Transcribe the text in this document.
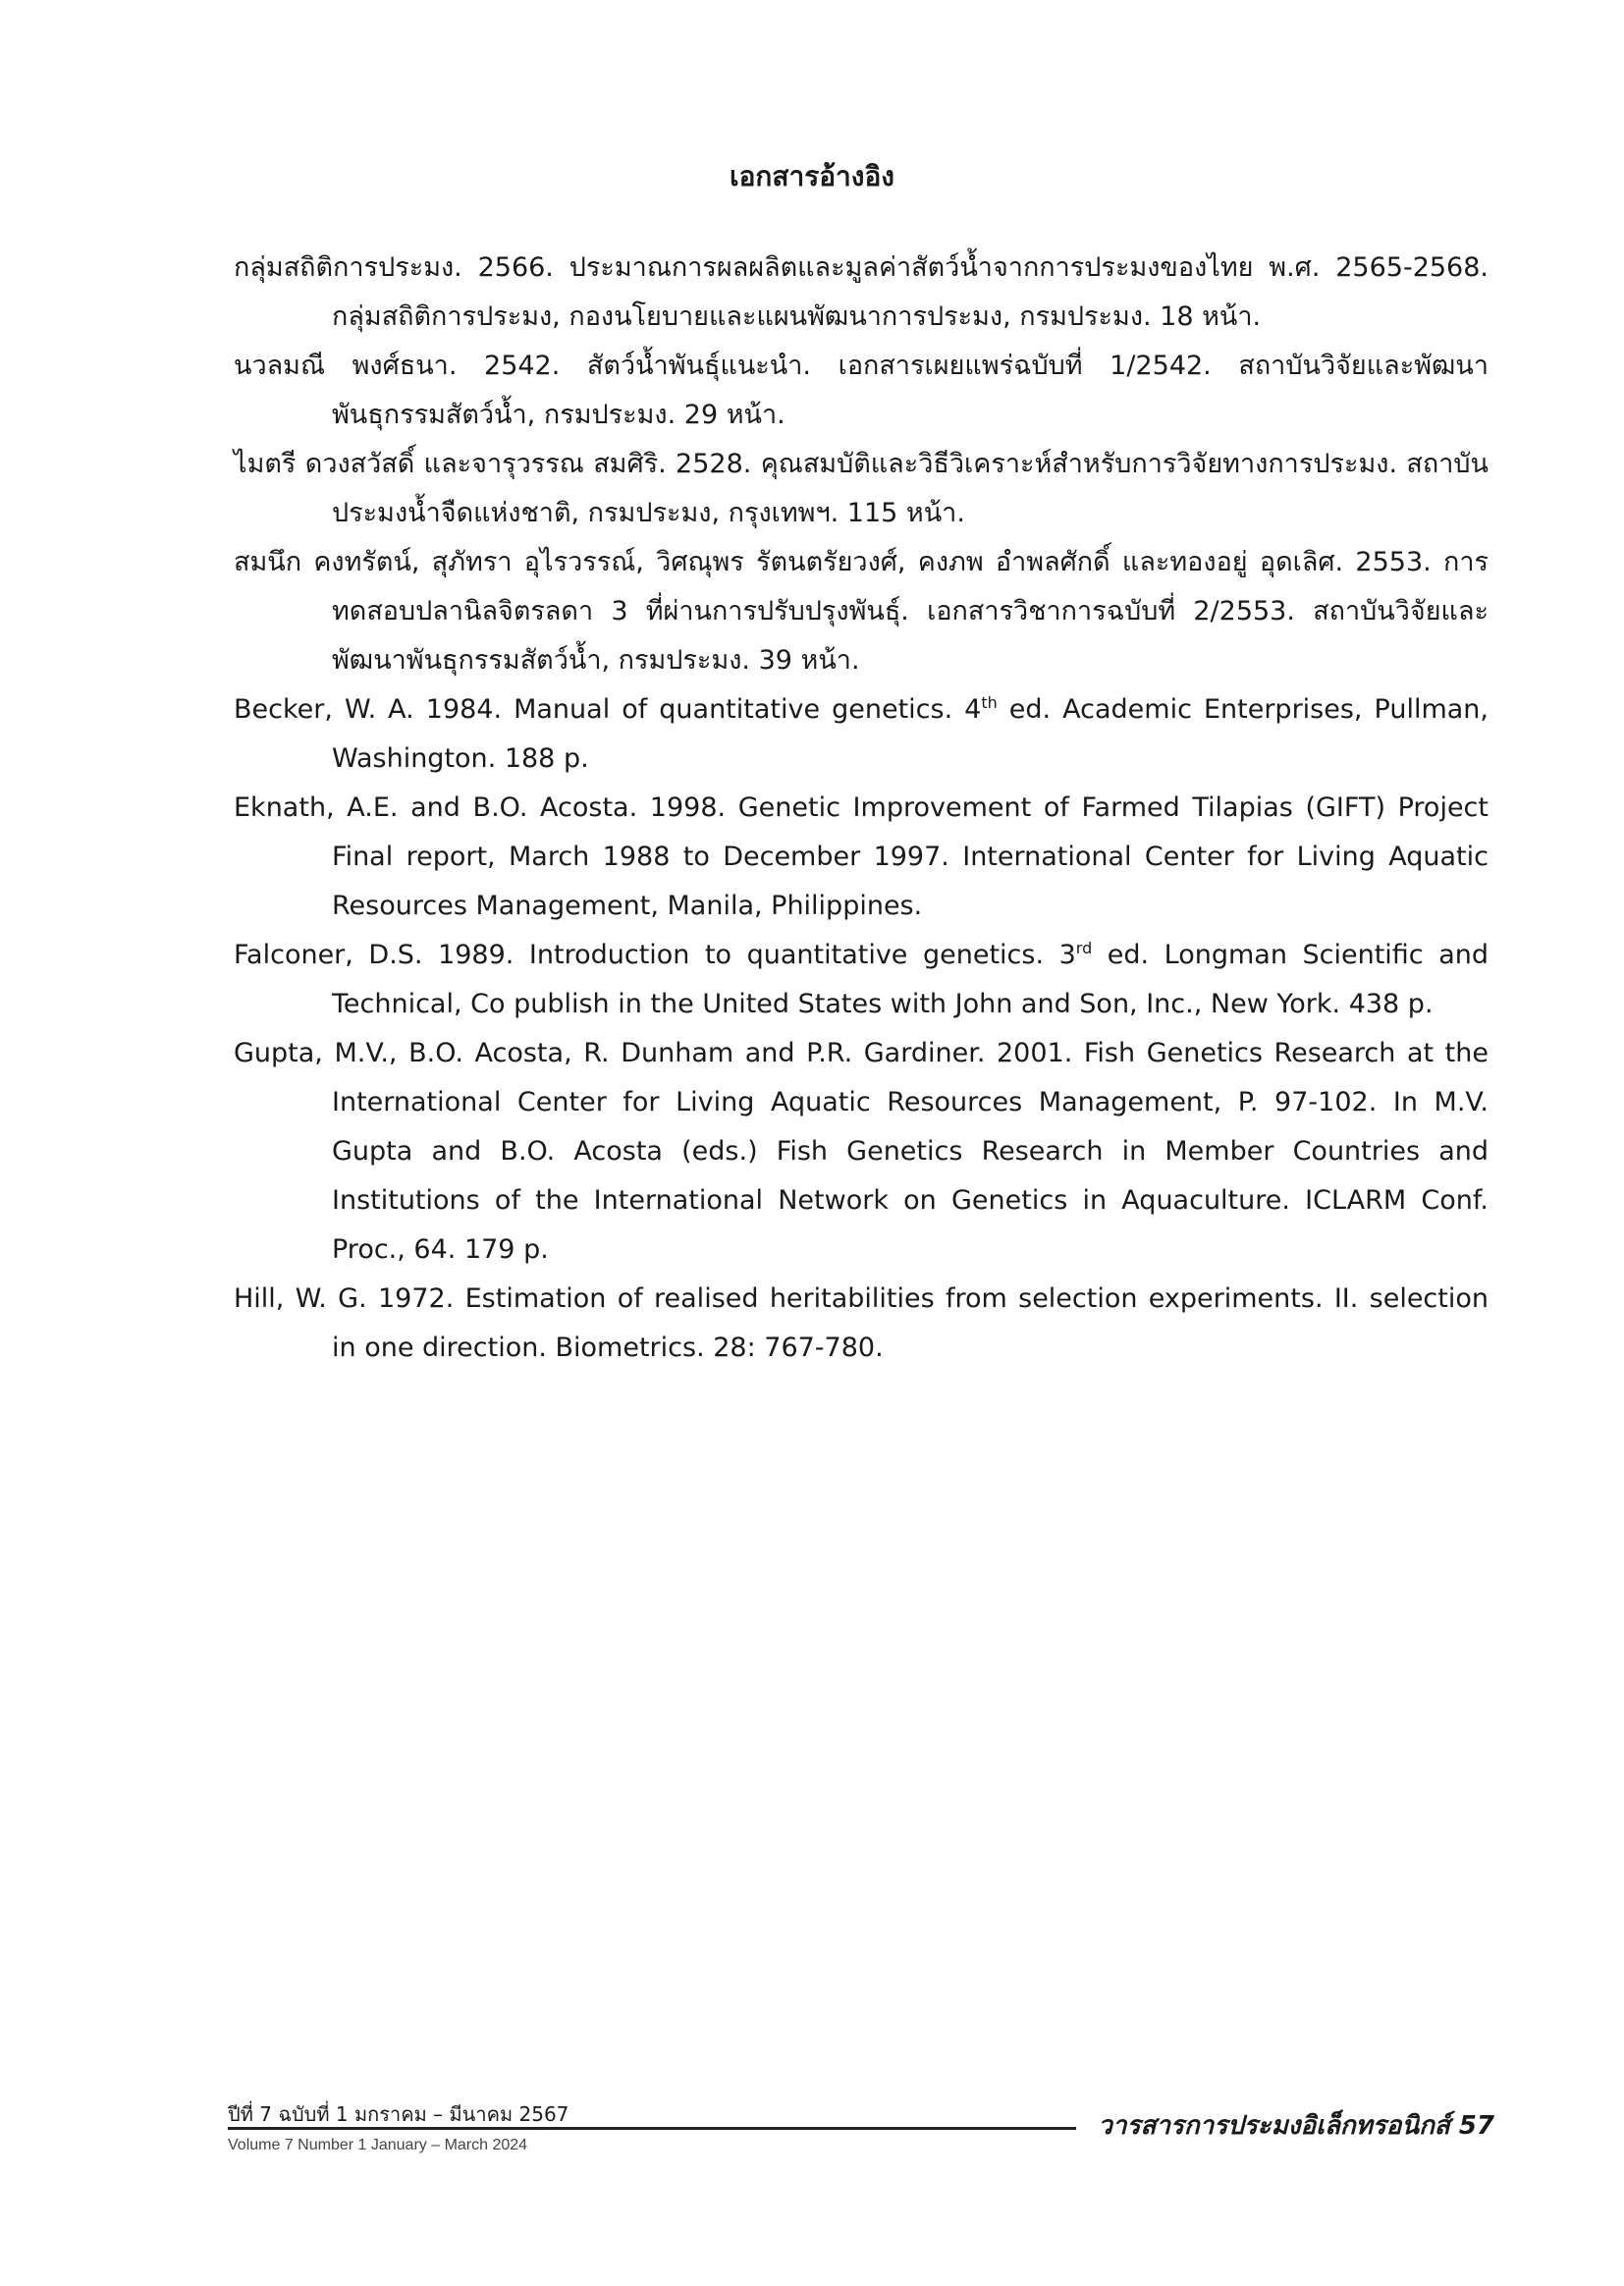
เอกสารอ้างอิง

กลุ่มสถิติการประมง. 2566. ประมาณการผลผลิตและมูลค่าสัตว์น้ำจากการประมงของไทย พ.ศ. 2565-2568. กลุ่มสถิติการประมง, กองนโยบายและแผนพัฒนาการประมง, กรมประมง. 18 หน้า.

นวลมณี พงศ์ธนา. 2542. สัตว์น้ำพันธุ์แนะนำ. เอกสารเผยแพร่ฉบับที่ 1/2542. สถาบันวิจัยและพัฒนาพันธุกรรมสัตว์น้ำ, กรมประมง. 29 หน้า.

ไมตรี ดวงสวัสดิ์ และจารุวรรณ สมศิริ. 2528. คุณสมบัติและวิธีวิเคราะห์สำหรับการวิจัยทางการประมง. สถาบันประมงน้ำจืดแห่งชาติ, กรมประมง, กรุงเทพฯ. 115 หน้า.

สมนึก คงทรัตน์, สุภัทรา อุไรวรรณ์, วิศณุพร รัตนตรัยวงศ์, คงภพ อำพลศักดิ์ และทองอยู่ อุดเลิศ. 2553. การทดสอบปลานิลจิตรลดา 3 ที่ผ่านการปรับปรุงพันธุ์. เอกสารวิชาการฉบับที่ 2/2553. สถาบันวิจัยและพัฒนาพันธุกรรมสัตว์น้ำ, กรมประมง. 39 หน้า.

Becker, W. A. 1984. Manual of quantitative genetics. 4th ed. Academic Enterprises, Pullman, Washington. 188 p.

Eknath, A.E. and B.O. Acosta. 1998. Genetic Improvement of Farmed Tilapias (GIFT) Project Final report, March 1988 to December 1997. International Center for Living Aquatic Resources Management, Manila, Philippines.

Falconer, D.S. 1989. Introduction to quantitative genetics. 3rd ed. Longman Scientific and Technical, Co publish in the United States with John and Son, Inc., New York. 438 p.

Gupta, M.V., B.O. Acosta, R. Dunham and P.R. Gardiner. 2001. Fish Genetics Research at the International Center for Living Aquatic Resources Management, P. 97-102. In M.V. Gupta and B.O. Acosta (eds.) Fish Genetics Research in Member Countries and Institutions of the International Network on Genetics in Aquaculture. ICLARM Conf. Proc., 64. 179 p.

Hill, W. G. 1972. Estimation of realised heritabilities from selection experiments. II. selection in one direction. Biometrics. 28: 767-780.

ปีที่ 7 ฉบับที่ 1 มกราคม – มีนาคม 2567
Volume 7 Number 1 January – March 2024
วารสารการประมงอิเล็กทรอนิกส์ 57
